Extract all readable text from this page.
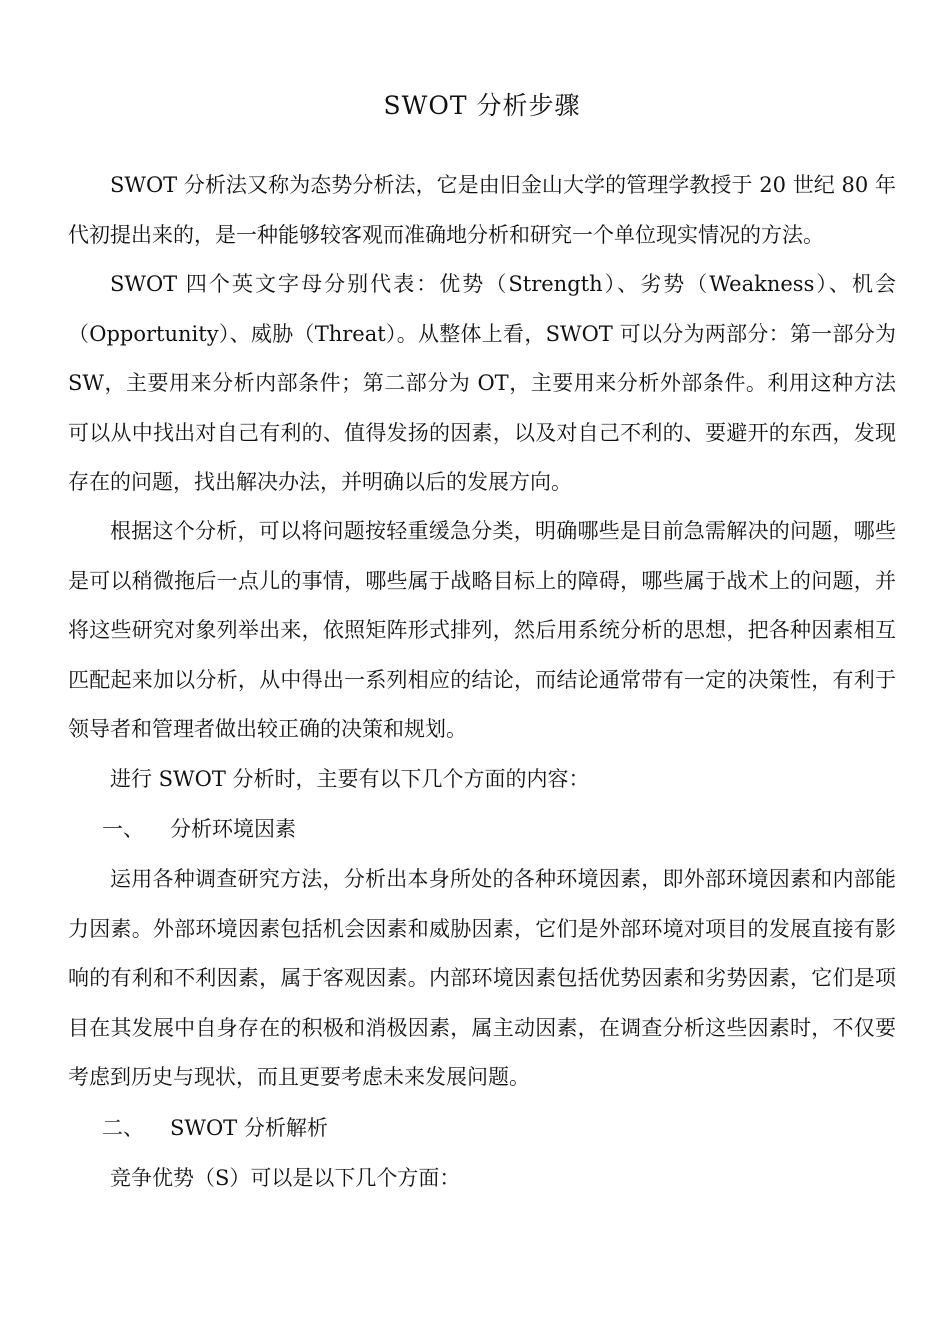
SWOT 分析步骤

SWOT 分析法又称为态势分析法，它是由旧金山大学的管理学教授于 20 世纪 80 年代初提出来的，是一种能够较客观而准确地分析和研究一个单位现实情况的方法。

SWOT 四个英文字母分别代表：优势（Strength）、劣势（Weakness）、机会（Opportunity）、威胁（Threat）。从整体上看，SWOT 可以分为两部分：第一部分为 SW，主要用来分析内部条件；第二部分为 OT，主要用来分析外部条件。利用这种方法可以从中找出对自己有利的、值得发扬的因素，以及对自己不利的、要避开的东西，发现存在的问题，找出解决办法，并明确以后的发展方向。

根据这个分析，可以将问题按轻重缓急分类，明确哪些是目前急需解决的问题，哪些是可以稍微拖后一点儿的事情，哪些属于战略目标上的障碍，哪些属于战术上的问题，并将这些研究对象列举出来，依照矩阵形式排列，然后用系统分析的思想，把各种因素相互匹配起来加以分析，从中得出一系列相应的结论，而结论通常带有一定的决策性，有利于领导者和管理者做出较正确的决策和规划。

进行 SWOT 分析时，主要有以下几个方面的内容：

一、 分析环境因素

运用各种调查研究方法，分析出本身所处的各种环境因素，即外部环境因素和内部能力因素。外部环境因素包括机会因素和威胁因素，它们是外部环境对项目的发展直接有影响的有利和不利因素，属于客观因素。内部环境因素包括优势因素和劣势因素，它们是项目在其发展中自身存在的积极和消极因素，属主动因素，在调查分析这些因素时，不仅要考虑到历史与现状，而且更要考虑未来发展问题。

二、 SWOT 分析解析

竞争优势（S）可以是以下几个方面：
